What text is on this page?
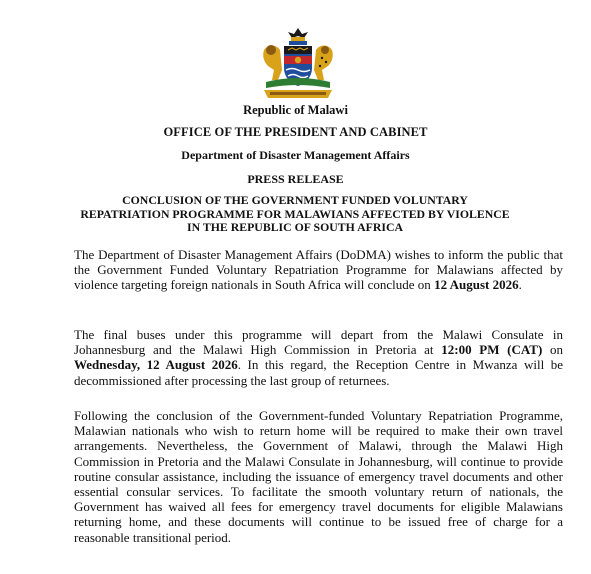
Republic of Malawi
OFFICE OF THE PRESIDENT AND CABINET
Department of Disaster Management Affairs
PRESS RELEASE
CONCLUSION OF THE GOVERNMENT FUNDED VOLUNTARY REPATRIATION PROGRAMME FOR MALAWIANS AFFECTED BY VIOLENCE IN THE REPUBLIC OF SOUTH AFRICA
The Department of Disaster Management Affairs (DoDMA) wishes to inform the public that the Government Funded Voluntary Repatriation Programme for Malawians affected by violence targeting foreign nationals in South Africa will conclude on 12 August 2026.
The final buses under this programme will depart from the Malawi Consulate in Johannesburg and the Malawi High Commission in Pretoria at 12:00 PM (CAT) on Wednesday, 12 August 2026. In this regard, the Reception Centre in Mwanza will be decommissioned after processing the last group of returnees.
Following the conclusion of the Government-funded Voluntary Repatriation Programme, Malawian nationals who wish to return home will be required to make their own travel arrangements. Nevertheless, the Government of Malawi, through the Malawi High Commission in Pretoria and the Malawi Consulate in Johannesburg, will continue to provide routine consular assistance, including the issuance of emergency travel documents and other essential consular services. To facilitate the smooth voluntary return of nationals, the Government has waived all fees for emergency travel documents for eligible Malawians returning home, and these documents will continue to be issued free of charge for a reasonable transitional period.
